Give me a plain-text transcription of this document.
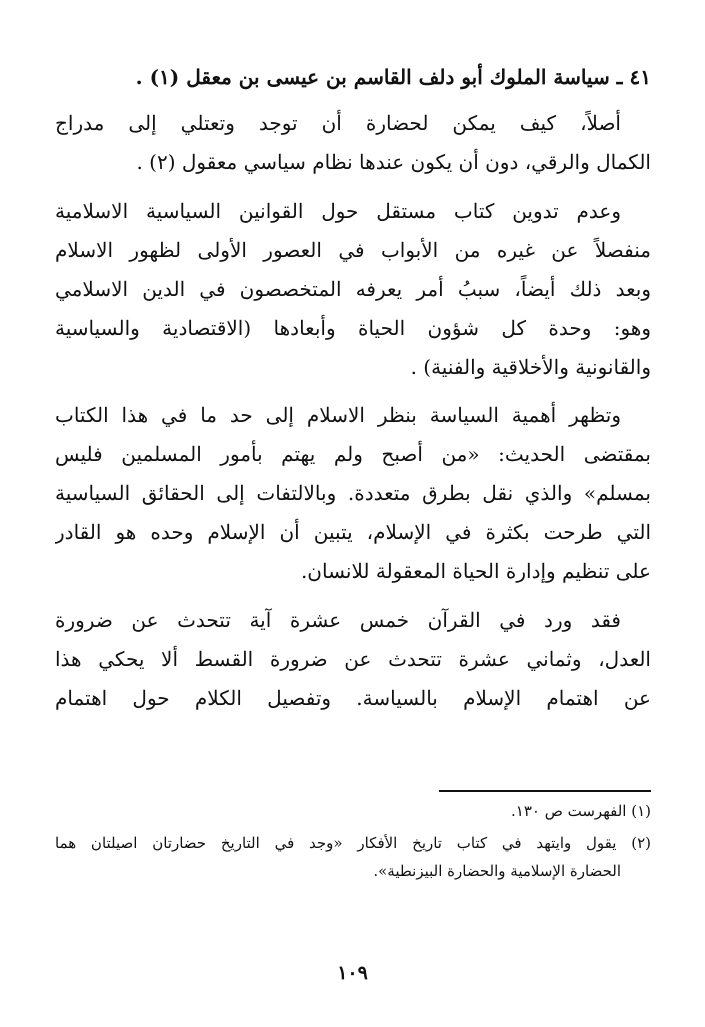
٤١ ـ سياسة الملوك أبو دلف القاسم بن عيسى بن معقل (١) .
أصلاً، كيف يمكن لحضارة أن توجد وتعتلي إلى مدراج
الكمال والرقي، دون أن يكون عندها نظام سياسي معقول (٢) .
وعدم تدوين كتاب مستقل حول القوانين السياسية الاسلامية
منفصلاً عن غيره من الأبواب في العصور الأولى لظهور الاسلام
وبعد ذلك أيضاً، سببُ أمر يعرفه المتخصصون في الدين الاسلامي
وهو: وحدة كل شؤون الحياة وأبعادها (الاقتصادية والسياسية
والقانونية والأخلاقية والفنية) .
وتظهر أهمية السياسة بنظر الاسلام إلى حد ما في هذا الكتاب
بمقتضى الحديث: «من أصبح ولم يهتم بأمور المسلمين فليس
بمسلم» والذي نقل بطرق متعددة. وبالالتفات إلى الحقائق السياسية
التي طرحت بكثرة في الإسلام، يتبين أن الإسلام وحده هو القادر
على تنظيم وإدارة الحياة المعقولة للانسان.
فقد ورد في القرآن خمس عشرة آية تتحدث عن ضرورة
العدل، وثماني عشرة تتحدث عن ضرورة القسط ألا يحكي هذا
عن اهتمام الإسلام بالسياسة. وتفصيل الكلام حول اهتمام
(١) الفهرست ص ١٣٠.
(٢) يقول وايتهد في كتاب تاريخ الأفكار «وجد في التاريخ حضارتان اصيلتان هما
الحضارة الإسلامية والحضارة البيزنطية».
١٠٩
